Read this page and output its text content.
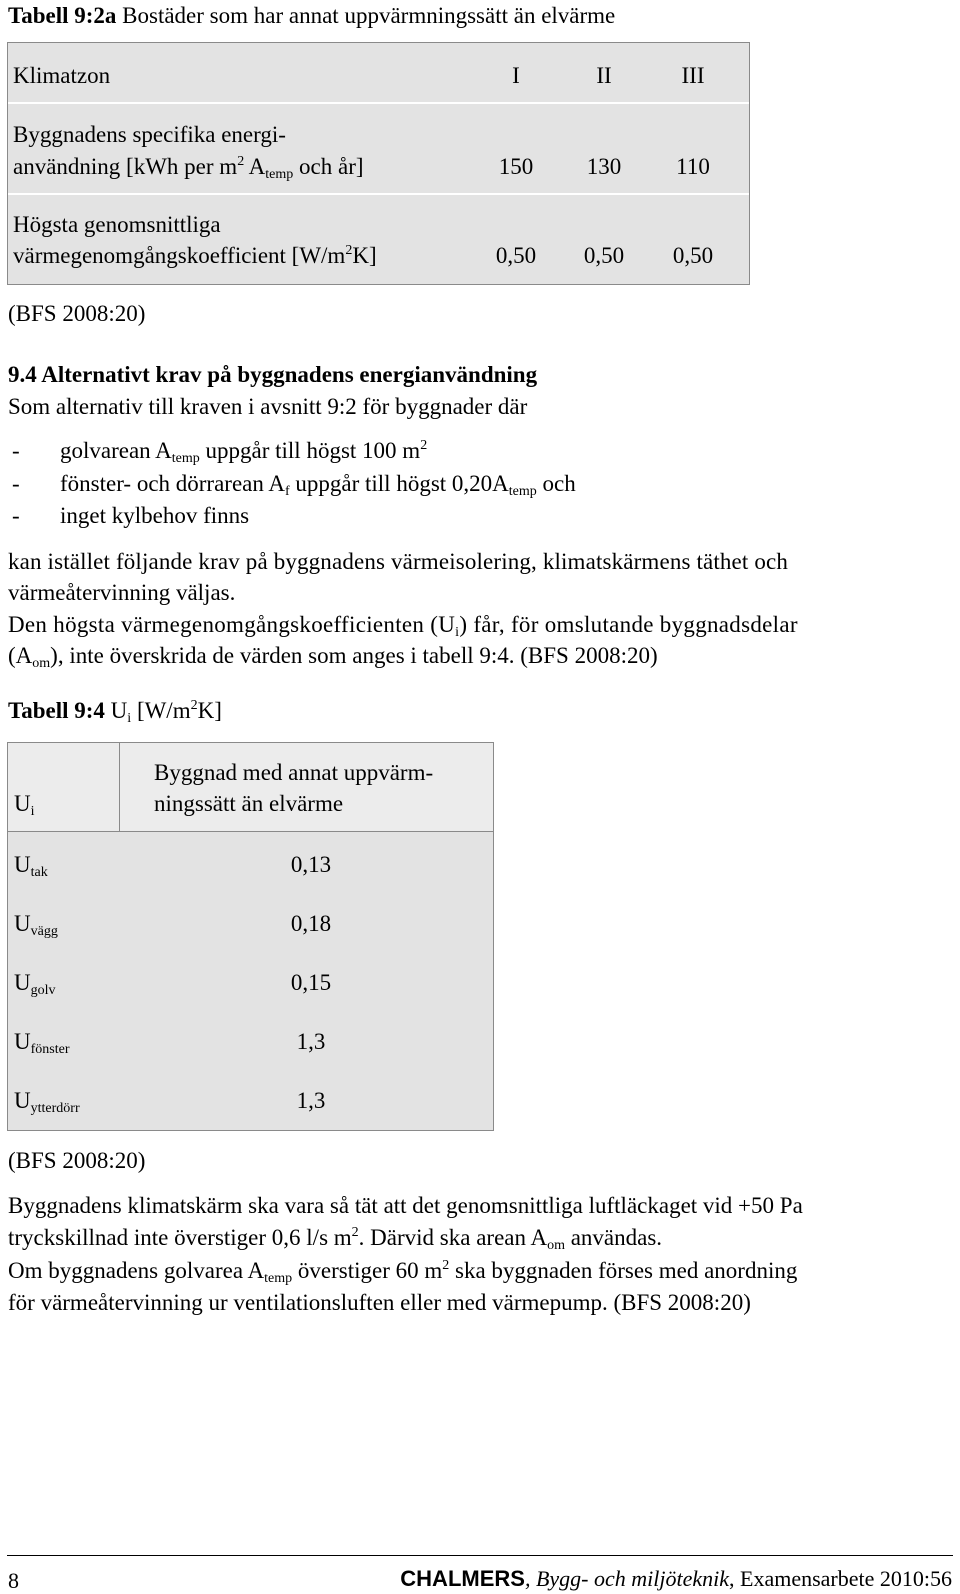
Tabell 9:2a Bostäder som har annat uppvärmningssätt än elvärme
Klimatzon	I	II	III
Byggnadens specifika energi-
användning [kWh per $m^2$ $A_{temp}$ och år]	150	130	110
Högsta genomsnittliga
värmegenomgångskoefficient $[W/m^2K]$	0,50	0,50	0,50
(BFS 2008:20)
9.4 Alternativt krav på byggnadens energianvändning
Som alternativ till kraven i avsnitt 9:2 för byggnader där
- golvarean $A_{temp}$ uppgår till högst 100 $m^2$
- fönster- och dörrarean $A_f$ uppgår till högst $0,20A_{temp}$ och
- inget kylbehov finns
kan istället följande krav på byggnadens värmeisolering, klimatskärmens täthet och
värmeåtervinning väljas.
Den högsta värmegenomgångskoefficienten $(U_i)$ får, för omslutande byggnadsdelar
$(A_{om})$, inte överskrida de värden som anges i tabell 9:4. (BFS 2008:20)
Tabell 9:4 $U_i$ $[W/m^2K]$
$U_i$
Byggnad med annat uppvärm-
ningssätt än elvärme
$U_{tak}$	0,13
$U_{vägg}$	0,18
$U_{golv}$	0,15
$U_{fönster}$	1,3
$U_{ytterdörr}$	1,3
(BFS 2008:20)
Byggnadens klimatskärm ska vara så tät att det genomsnittliga luftläckaget vid +50 Pa
tryckskillnad inte överstiger 0,6 l/s $m^2$. Därvid ska arean $A_{om}$ användas.
Om byggnadens golvarea $A_{temp}$ överstiger 60 $m^2$ ska byggnaden förses med anordning
för värmeåtervinning ur ventilationsluften eller med värmepump. (BFS 2008:20)
8	CHALMERS, Bygg- och miljöteknik, Examensarbete 2010:56
